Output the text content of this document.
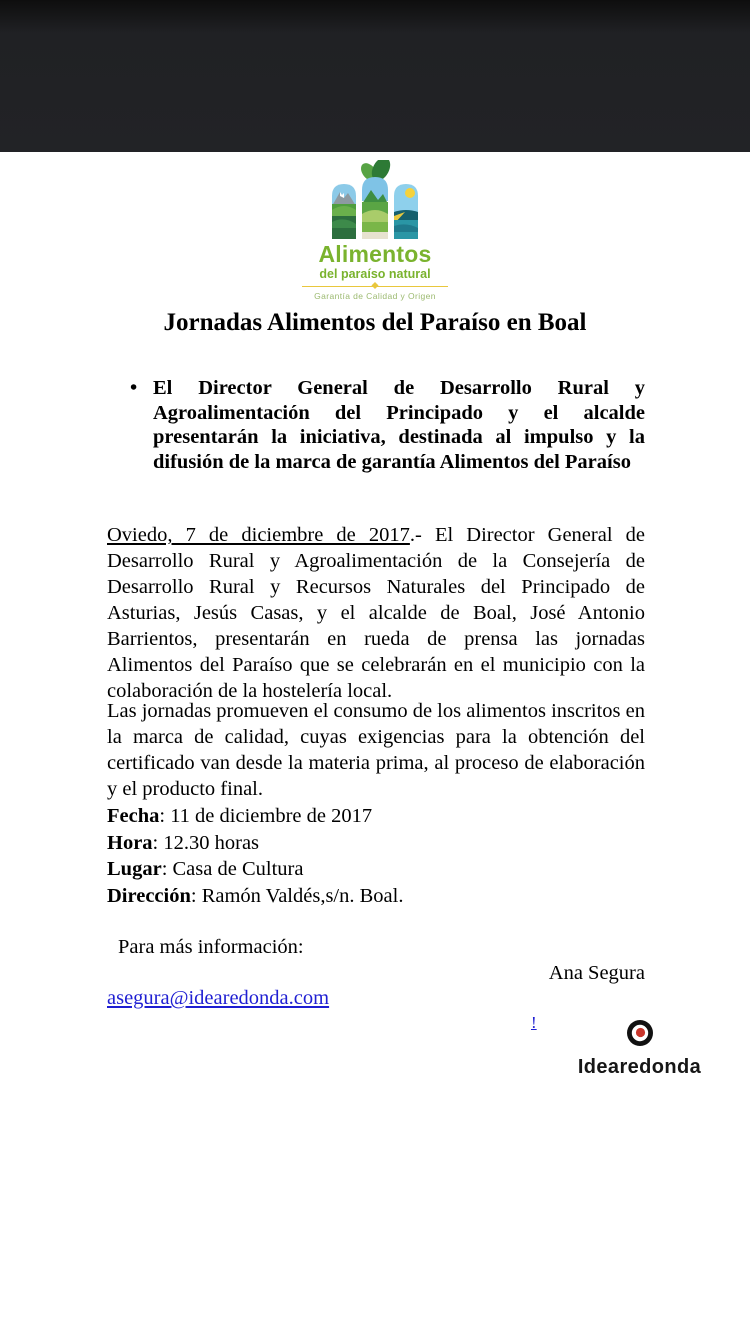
Alimentos
del paraíso natural
Garantía de Calidad y Origen
Jornadas Alimentos del Paraíso en Boal
• El Director General de Desarrollo Rural y Agroalimentación del Principado y el alcalde presentarán la iniciativa, destinada al impulso y la difusión de la marca de garantía Alimentos del Paraíso

Oviedo, 7 de diciembre de 2017.- El Director General de Desarrollo Rural y Agroalimentación de la Consejería de Desarrollo Rural y Recursos Naturales del Principado de Asturias, Jesús Casas, y el alcalde de Boal, José Antonio Barrientos, presentarán en rueda de prensa las jornadas Alimentos del Paraíso que se celebrarán en el municipio con la colaboración de la hostelería local.

Las jornadas promueven el consumo de los alimentos inscritos en la marca de calidad, cuyas exigencias para la obtención del certificado van desde la materia prima, al proceso de elaboración y el producto final.

Fecha: 11 de diciembre de 2017
Hora: 12.30 horas
Lugar: Casa de Cultura
Dirección: Ramón Valdés,s/n. Boal.

Para más información:

Ana Segura

asegura@idearedonda.com
!
Idearedonda
